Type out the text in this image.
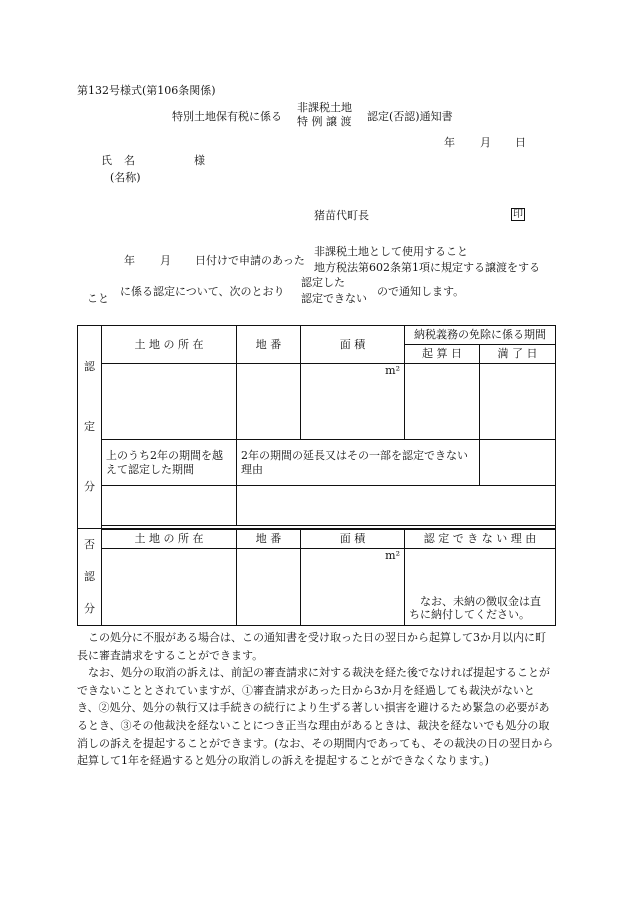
第132号様式(第106条関係)
特別土地保有税に係る
非課税土地
特 例 譲 渡 認定(否認)通知書
年 月 日
氏 名	様
(名称)
猪苗代町長	印
年 月 日付けで申請のあった
非課税土地として使用すること
地方税法第602条第1項に規定する譲渡をする
こと
に係る認定について、次のとおり
認定した
認定できない
ので通知します。
認
定
分	土 地 の 所 在	地 番	面 積	納税義務の免除に係る期間	
				起 算 日	満 了 日
			m²		
	上のうち2年の期間を越えて認定した期間	2年の期間の延長又はその一部を認定できない理由			

否
認
分	土 地 の 所 在	地 番	面 積	認 定 で き な い 理 由	
			m²	なお、未納の徴収金は直ちに納付してください。	

この処分に不服がある場合は、この通知書を受け取った日の翌日から起算して3か月以内に町長に審査請求をすることができます。

なお、処分の取消の訴えは、前記の審査請求に対する裁決を経た後でなければ提起することができないこととされていますが、①審査請求があった日から3か月を経過しても裁決がないとき、②処分、処分の執行又は手続きの続行により生ずる著しい損害を避けるため緊急の必要があるとき、③その他裁決を経ないことにつき正当な理由があるときは、裁決を経ないでも処分の取消しの訴えを提起することができます。(なお、その期間内であっても、その裁決の日の翌日から起算して1年を経過すると処分の取消しの訴えを提起することができなくなります。)
